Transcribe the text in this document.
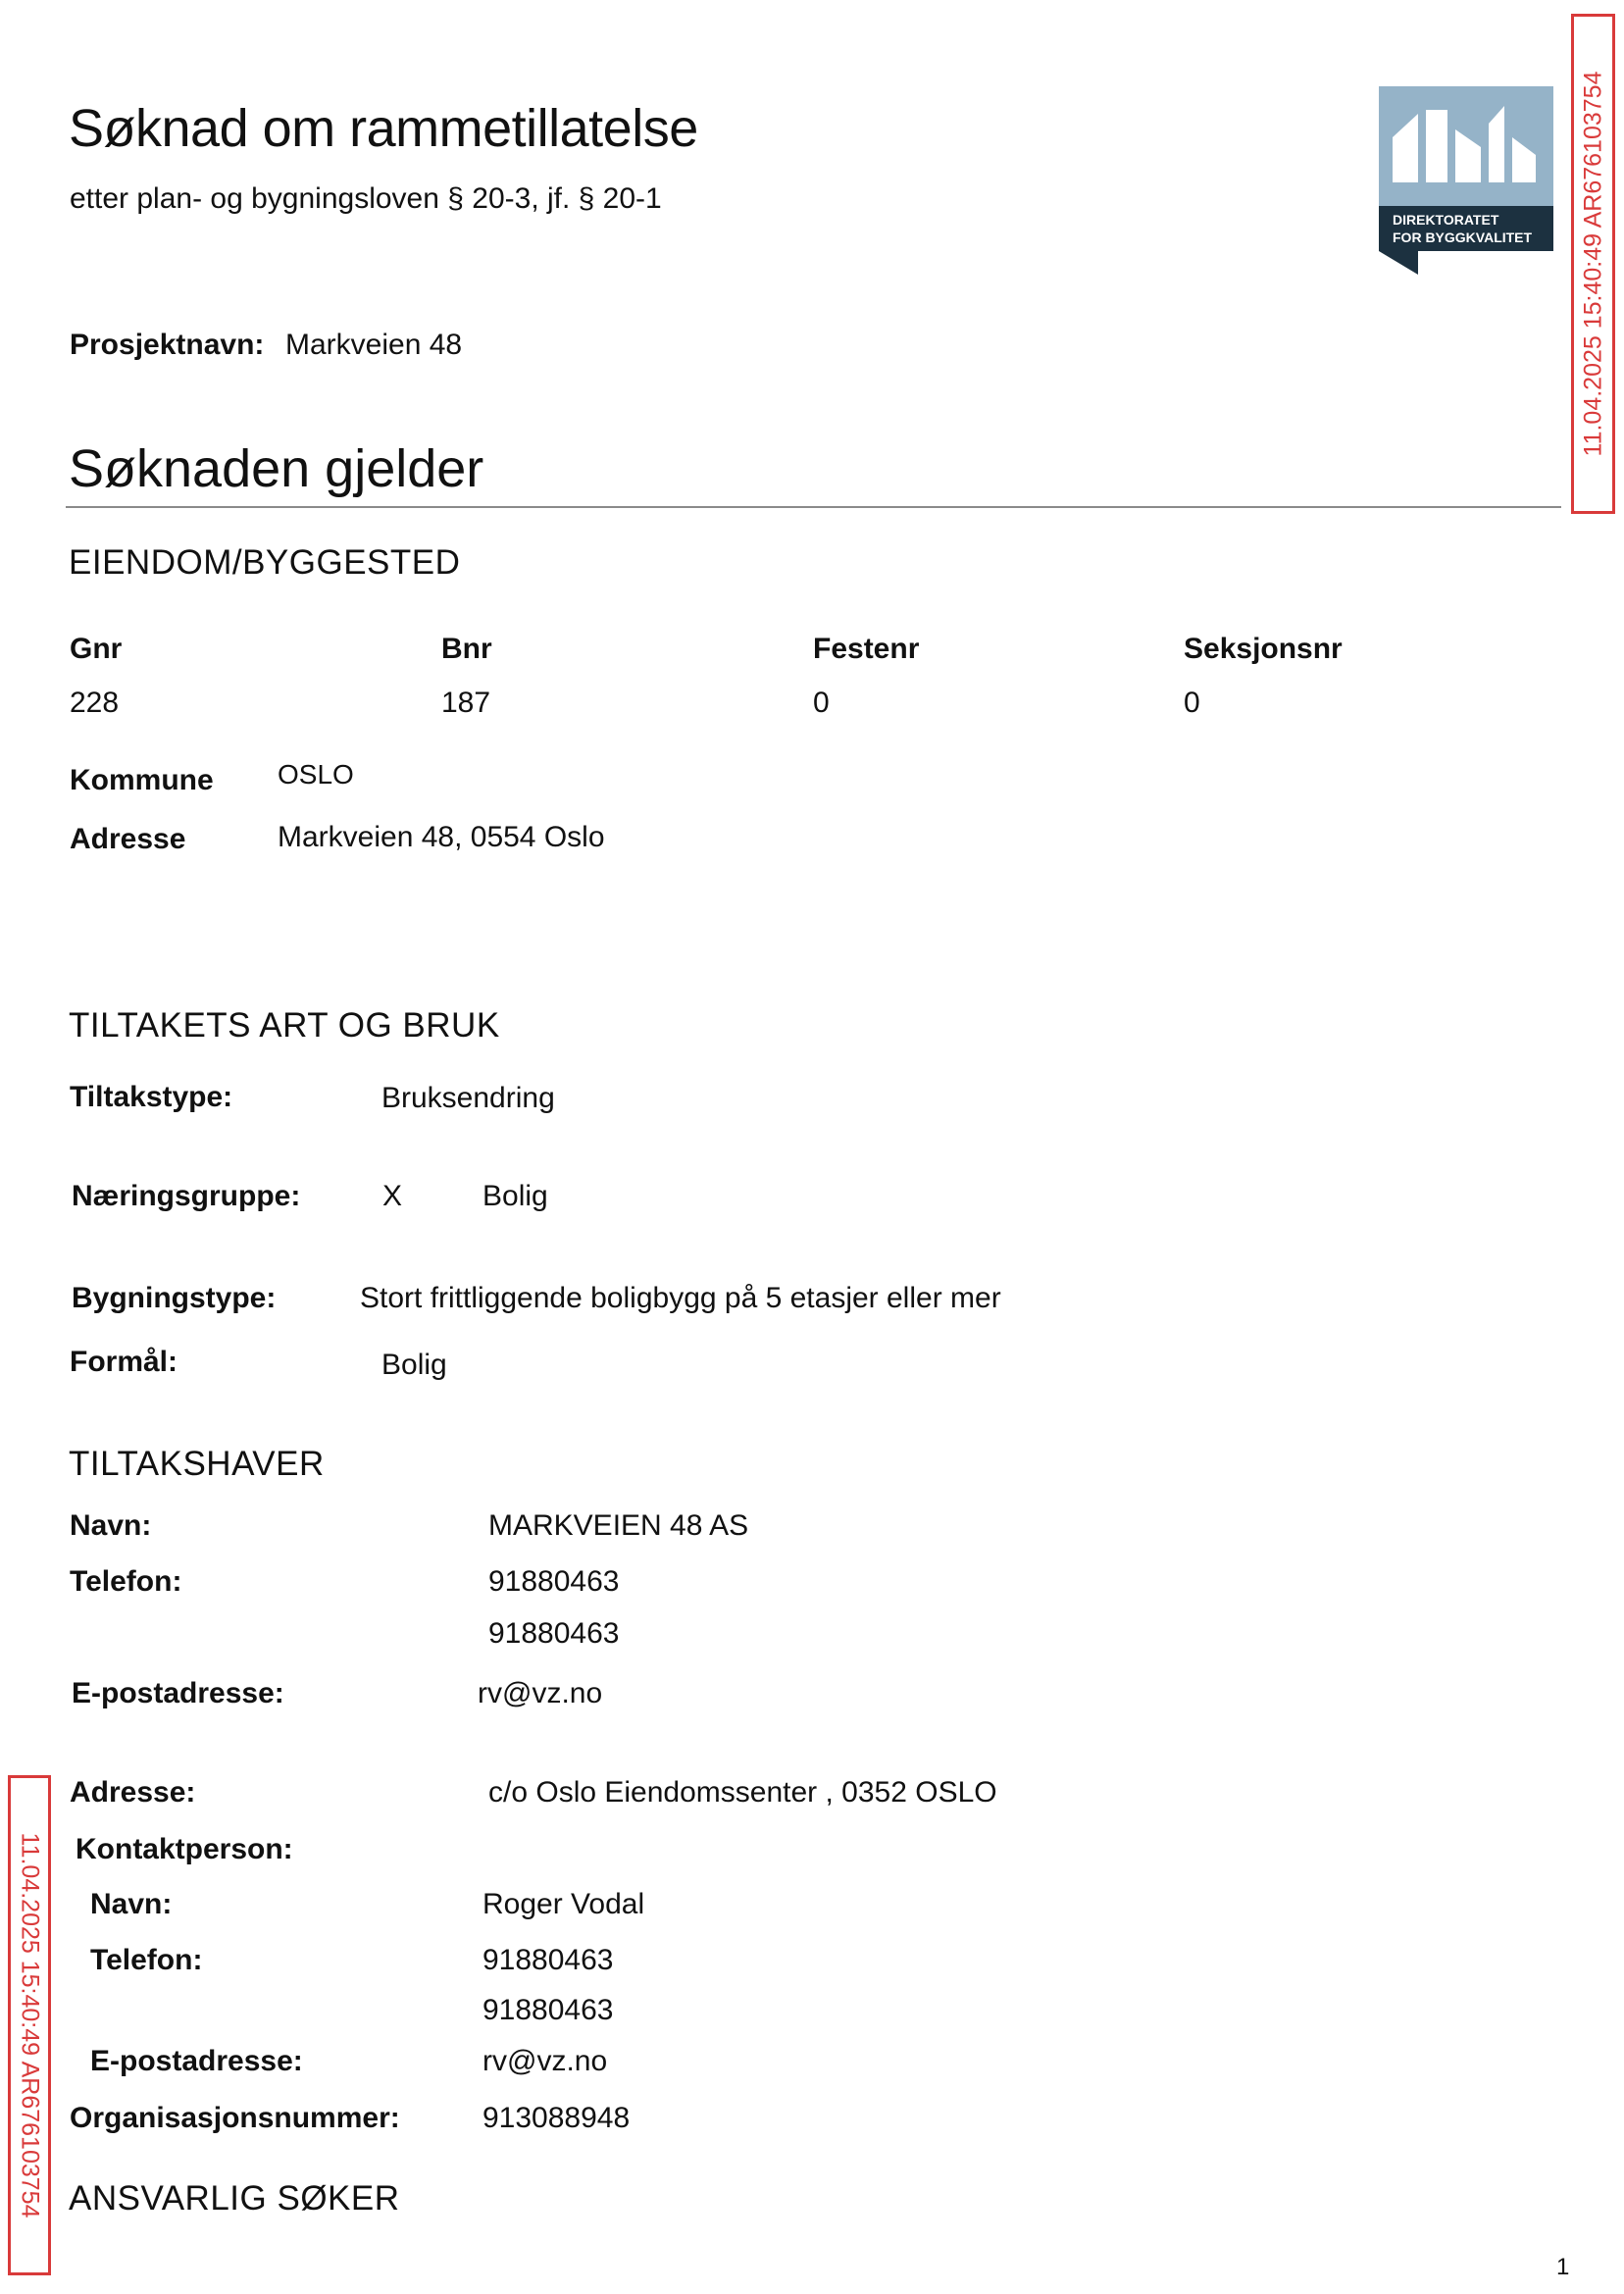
Søknad om rammetillatelse
etter plan- og bygningsloven § 20-3, jf. § 20-1
DIREKTORATET
FOR BYGGKVALITET 11.04.2025 15:40:49 AR676103754
11.04.2025 15:40:49 AR676103754
Prosjektnavn: Markveien 48
Søknaden gjelder
EIENDOM/BYGGESTED
Gnr	Bnr	Festenr	Seksjonsnr
228	187	0	0
Kommune OSLO
Adresse	Markveien 48, 0554 Oslo
TILTAKETS ART OG BRUK
Tiltakstype:	Bruksendring
Næringsgruppe:	X	Bolig
Bygningstype:	Stort frittliggende boligbygg på 5 etasjer eller mer
Formål:	Bolig
TILTAKSHAVER
Navn:	MARKVEIEN 48 AS
Telefon:	91880463
91880463
E-postadresse:	rv@vz.no
Adresse:	c/o Oslo Eiendomssenter , 0352 OSLO
Kontaktperson:
Navn:	Roger Vodal
Telefon:	91880463
91880463
E-postadresse:	rv@vz.no
Organisasjonsnummer:	913088948
ANSVARLIG SØKER
1
